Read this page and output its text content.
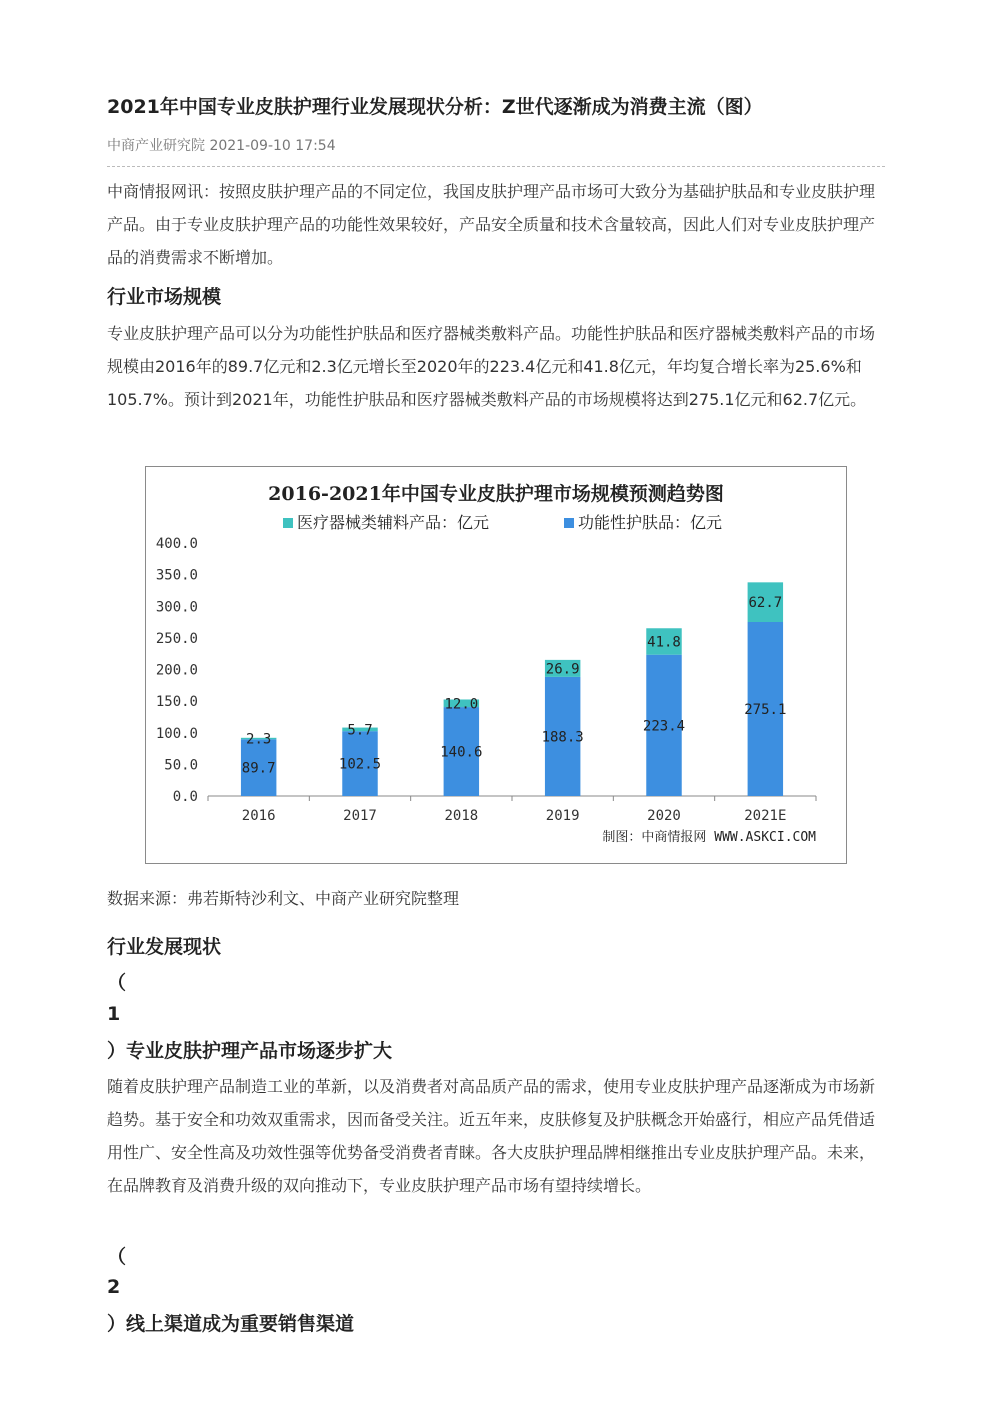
2021年中国专业皮肤护理行业发展现状分析：Z世代逐渐成为消费主流（图）
中商产业研究院 2021-09-10 17:54
中商情报网讯：按照皮肤护理产品的不同定位，我国皮肤护理产品市场可大致分为基础护肤品和专业皮肤护理产品。由于专业皮肤护理产品的功能性效果较好，产品安全质量和技术含量较高，因此人们对专业皮肤护理产品的消费需求不断增加。
行业市场规模
专业皮肤护理产品可以分为功能性护肤品和医疗器械类敷料产品。功能性护肤品和医疗器械类敷料产品的市场规模由2016年的89.7亿元和2.3亿元增长至2020年的223.4亿元和41.8亿元，年均复合增长率为25.6%和105.7%。预计到2021年，功能性护肤品和医疗器械类敷料产品的市场规模将达到275.1亿元和62.7亿元。
2016-2021年中国专业皮肤护理市场规模预测趋势图
医疗器械类辅料产品：亿元	功能性护肤品：亿元
0.0
50.0
100.0
150.0
200.0
250.0
300.0
350.0
400.0
89.7
2.3
2016
102.5
5.7
2017
140.6
12.0
2018
188.3
26.9
2019
223.4
41.8
2020
275.1
62.7
2021E
制图：中商情报网 WWW.ASKCI.COM
数据来源：弗若斯特沙利文、中商产业研究院整理
行业发展现状
（
1
）专业皮肤护理产品市场逐步扩大
随着皮肤护理产品制造工业的革新，以及消费者对高品质产品的需求，使用专业皮肤护理产品逐渐成为市场新趋势。基于安全和功效双重需求，因而备受关注。近五年来，皮肤修复及护肤概念开始盛行，相应产品凭借适用性广、安全性高及功效性强等优势备受消费者青睐。各大皮肤护理品牌相继推出专业皮肤护理产品。未来，在品牌教育及消费升级的双向推动下，专业皮肤护理产品市场有望持续增长。
（
2
）线上渠道成为重要销售渠道
